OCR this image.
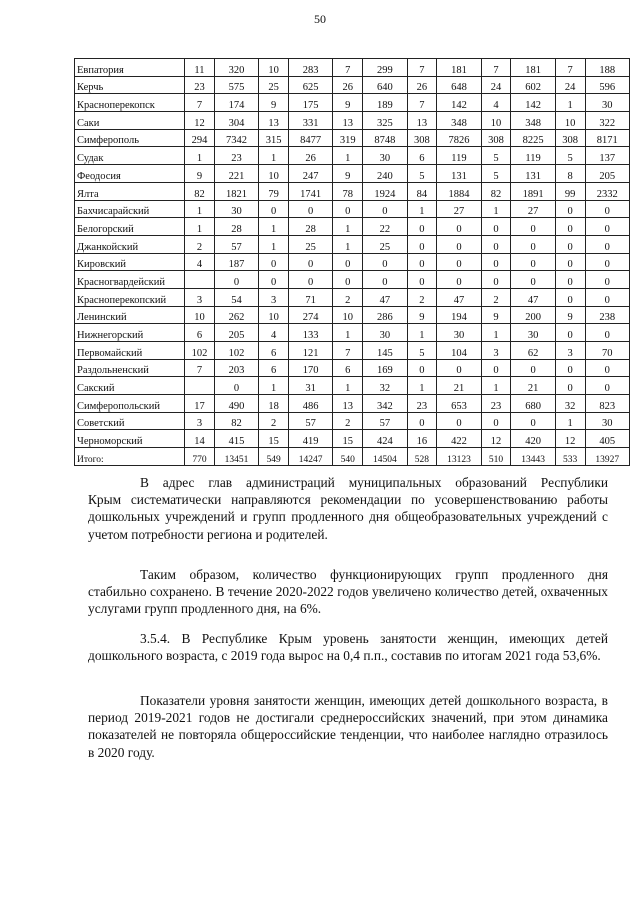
50
Евпатория	11	320	10	283	7	299	7	181	7	181	7	188
Керчь	23	575	25	625	26	640	26	648	24	602	24	596
Красноперекопск	7	174	9	175	9	189	7	142	4	142	1	30
Саки	12	304	13	331	13	325	13	348	10	348	10	322
Симферополь	294	7342	315	8477	319	8748	308	7826	308	8225	308	8171
Судак	1	23	1	26	1	30	6	119	5	119	5	137
Феодосия	9	221	10	247	9	240	5	131	5	131	8	205
Ялта	82	1821	79	1741	78	1924	84	1884	82	1891	99	2332
Бахчисарайский	1	30	0	0	0	0	1	27	1	27	0	0
Белогорский	1	28	1	28	1	22	0	0	0	0	0	0
Джанкойский	2	57	1	25	1	25	0	0	0	0	0	0
Кировский	4	187	0	0	0	0	0	0	0	0	0	0
Красногвардейский		0	0	0	0	0	0	0	0	0	0	0
Красноперекопский	3	54	3	71	2	47	2	47	2	47	0	0
Ленинский	10	262	10	274	10	286	9	194	9	200	9	238
Нижнегорский	6	205	4	133	1	30	1	30	1	30	0	0
Первомайский	102	102	6	121	7	145	5	104	3	62	3	70
Раздольненский	7	203	6	170	6	169	0	0	0	0	0	0
Сакский		0	1	31	1	32	1	21	1	21	0	0
Симферопольский	17	490	18	486	13	342	23	653	23	680	32	823
Советский	3	82	2	57	2	57	0	0	0	0	1	30
Черноморский	14	415	15	419	15	424	16	422	12	420	12	405
Итого:	770	13451	549	14247	540	14504	528	13123	510	13443	533	13927

В адрес глав администраций муниципальных образований Республики

Крым систематически направляются рекомендации по усовершенствованию работы дошкольных учреждений и групп продленного дня общеобразовательных учреждений с учетом потребности региона и родителей.

Таким образом, количество функционирующих групп продленного дня стабильно сохранено. В течение 2020-2022 годов увеличено количество детей, охваченных услугами групп продленного дня, на 6%.

3.5.4. В Республике Крым уровень занятости женщин, имеющих детей дошкольного возраста, с 2019 года вырос на 0,4 п.п., составив по итогам 2021 года 53,6%.

Показатели уровня занятости женщин, имеющих детей дошкольного возраста, в период 2019-2021 годов не достигали среднероссийских значений, при этом динамика показателей не повторяла общероссийские тенденции, что наиболее наглядно отразилось в 2020 году.
